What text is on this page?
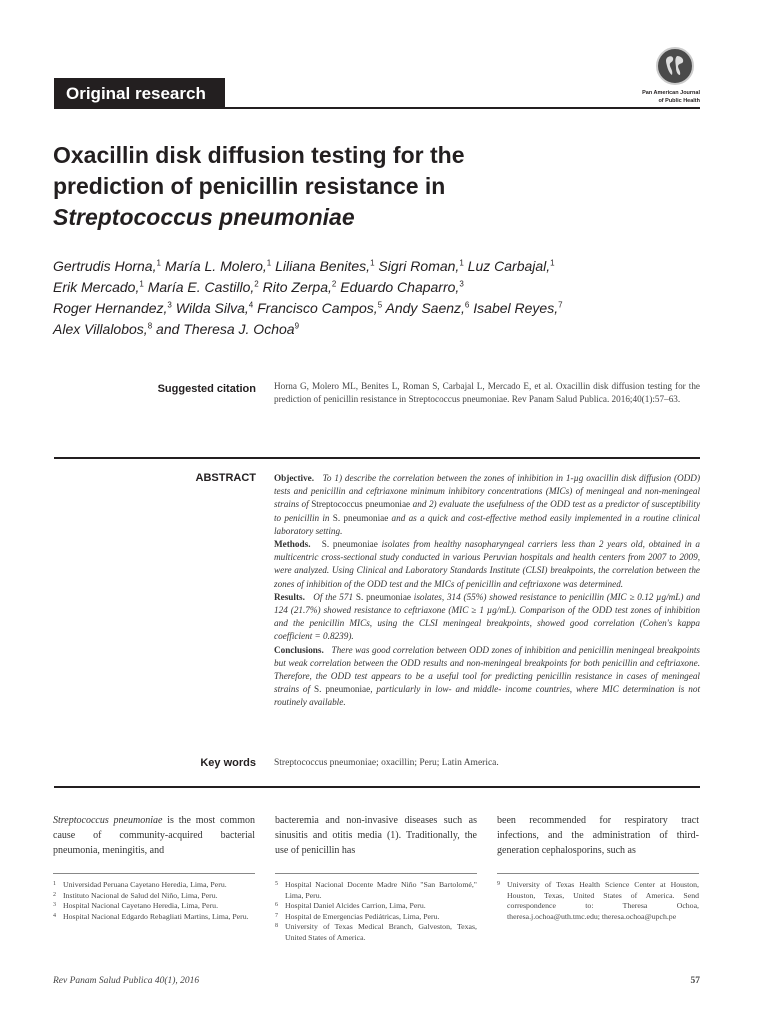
Original research	Pan American Journal
of Public Health
Oxacillin disk diffusion testing for the
prediction of penicillin resistance in
Streptococcus pneumoniae
Gertrudis Horna,$^1$ María L. Molero,$^1$ Liliana Benites,$^1$ Sigri Roman,$^1$ Luz Carbajal,$^1$
Erik Mercado,$^1$ María E. Castillo,$^2$ Rito Zerpa,$^2$ Eduardo Chaparro,$^3$
Roger Hernandez,$^3$ Wilda Silva,$^4$ Francisco Campos,$^5$ Andy Saenz,$^6$ Isabel Reyes,$^7$
Alex Villalobos,$^8$ and Theresa J. Ochoa$^9$
Suggested citation Horna G, Molero ML, Benites L, Roman S, Carbajal L, Mercado E, et al. Oxacillin disk diffusion testing for the prediction of penicillin resistance in Streptococcus pneumoniae. Rev Panam Salud Publica. 2016;40(1):57–63.
ABSTRACT Objective. To 1) describe the correlation between the zones of inhibition in 1-µg oxacillin disk diffusion (ODD) tests and penicillin and ceftriaxone minimum inhibitory concentrations (MICs) of meningeal and non-meningeal strains of Streptococcus pneumoniae and 2) evaluate the usefulness of the ODD test as a predictor of susceptibility to penicillin in S. pneumoniae and as a quick and cost-effective method easily implemented in a routine clinical laboratory setting.

Methods. S. pneumoniae isolates from healthy nasopharyngeal carriers less than 2 years old, obtained in a multicentric cross-sectional study conducted in various Peruvian hospitals and health centers from 2007 to 2009, were analyzed. Using Clinical and Laboratory Standards Institute (CLSI) breakpoints, the correlation between the zones of inhibition of the ODD test and the MICs of penicillin and ceftriaxone was determined.

Results. Of the 571 S. pneumoniae isolates, 314 (55%) showed resistance to penicillin (MIC ≥ 0.12 µg/mL) and 124 (21.7%) showed resistance to ceftriaxone (MIC ≥ 1 µg/mL). Comparison of the ODD test zones of inhibition and the penicillin MICs, using the CLSI meningeal breakpoints, showed good correlation (Cohen's kappa coefficient = 0.8239).

Conclusions. There was good correlation between ODD zones of inhibition and penicillin meningeal breakpoints but weak correlation between the ODD results and non-meningeal breakpoints for both penicillin and ceftriaxone. Therefore, the ODD test appears to be a useful tool for predicting penicillin resistance in cases of meningeal strains of S. pneumoniae, particularly in low- and middle- income countries, where MIC determination is not routinely available.

Key words Streptococcus pneumoniae; oxacillin; Peru; Latin America.
Streptococcus pneumoniae is the most common cause of community-acquired bacterial pneumonia, meningitis, and
bacteremia and non-invasive diseases such as sinusitis and otitis media (1). Traditionally, the use of penicillin has
been recommended for respiratory tract infections, and the administration of third-generation cephalosporins, such as
1 Universidad Peruana Cayetano Heredia, Lima, Peru.
2 Instituto Nacional de Salud del Niño, Lima, Peru.
3 Hospital Nacional Cayetano Heredia, Lima, Peru.
4 Hospital Nacional Edgardo Rebagliati Martins, Lima, Peru.
5 Hospital Nacional Docente Madre Niño "San Bartolomé," Lima, Peru.
6 Hospital Daniel Alcides Carrion, Lima, Peru.
7 Hospital de Emergencias Pediátricas, Lima, Peru.
8 University of Texas Medical Branch, Galveston, Texas, United States of America.
9 University of Texas Health Science Center at Houston, Houston, Texas, United States of America. Send correspondence to: Theresa Ochoa, theresa.j.ochoa@uth.tmc.edu; theresa.ochoa@upch.pe
Rev Panam Salud Publica 40(1), 2016	57
